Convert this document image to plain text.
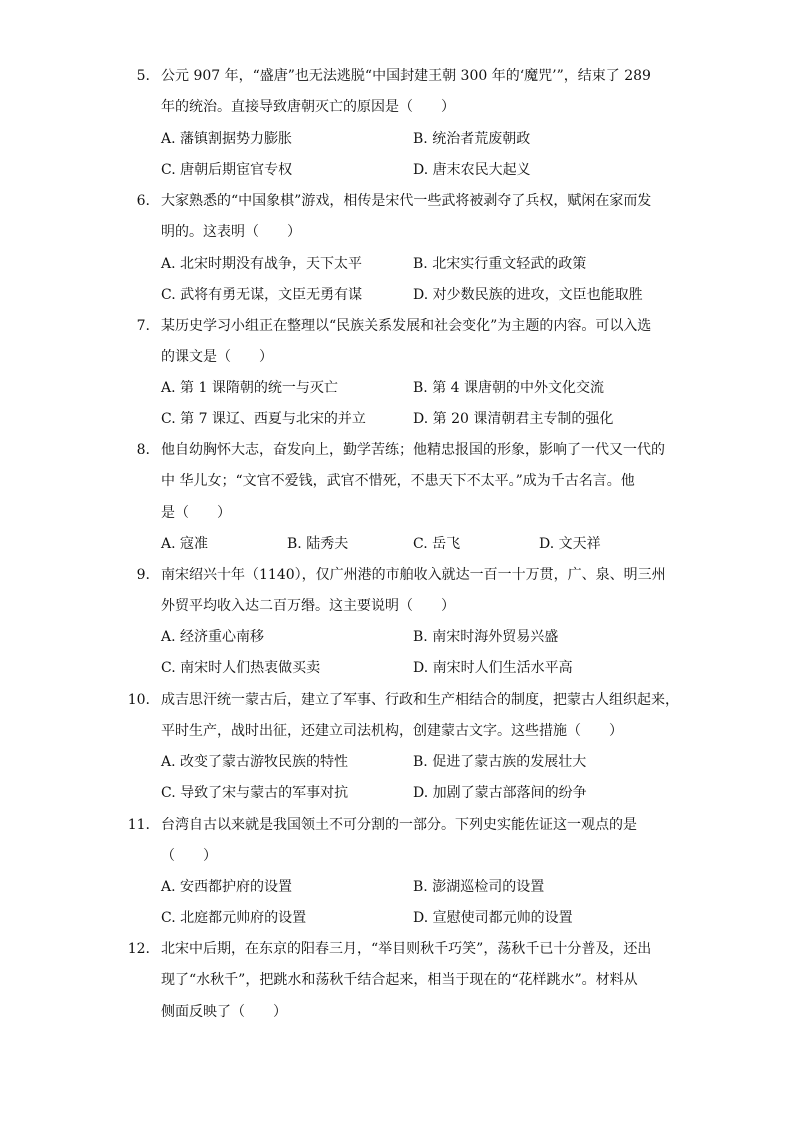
5. 公元 907 年，“盛唐”也无法逃脱“中国封建王朝 300 年的‘魔咒’”，结束了 289
年的统治。直接导致唐朝灭亡的原因是（　　）
A. 藩镇割据势力膨胀	B. 统治者荒废朝政
C. 唐朝后期宦官专权	D. 唐末农民大起义
6. 大家熟悉的“中国象棋”游戏，相传是宋代一些武将被剥夺了兵权，赋闲在家而发
明的。这表明（　　）
A. 北宋时期没有战争，天下太平	B. 北宋实行重文轻武的政策
C. 武将有勇无谋，文臣无勇有谋	D. 对少数民族的进攻，文臣也能取胜
7. 某历史学习小组正在整理以“民族关系发展和社会变化”为主题的内容。可以入选
的课文是（　　）
A. 第 1 课隋朝的统一与灭亡	B. 第 4 课唐朝的中外文化交流
C. 第 7 课辽、西夏与北宋的并立	D. 第 20 课清朝君主专制的强化
8. 他自幼胸怀大志，奋发向上，勤学苦练；他精忠报国的形象，影响了一代又一代的
中 华儿女；“文官不爱钱，武官不惜死，不患天下不太平。”成为千古名言。他
是（　　）
A. 寇准	B. 陆秀夫	C. 岳飞	D. 文天祥
9. 南宋绍兴十年（1140），仅广州港的市舶收入就达一百一十万贯，广、泉、明三州
外贸平均收入达二百万缗。这主要说明（　　）
A. 经济重心南移	B. 南宋时海外贸易兴盛
C. 南宋时人们热衷做买卖	D. 南宋时人们生活水平高
10. 成吉思汗统一蒙古后，建立了军事、行政和生产相结合的制度，把蒙古人组织起来，
平时生产，战时出征，还建立司法机构，创建蒙古文字。这些措施（　　）
A. 改变了蒙古游牧民族的特性	B. 促进了蒙古族的发展壮大
C. 导致了宋与蒙古的军事对抗	D. 加剧了蒙古部落间的纷争
11. 台湾自古以来就是我国领土不可分割的一部分。下列史实能佐证这一观点的是
（　　）
A. 安西都护府的设置	B. 澎湖巡检司的设置
C. 北庭都元帅府的设置	D. 宣慰使司都元帅的设置
12. 北宋中后期，在东京的阳春三月，“举目则秋千巧笑”，荡秋千已十分普及，还出
现了“水秋千”，把跳水和荡秋千结合起来，相当于现在的“花样跳水”。材料从
侧面反映了（　　）
